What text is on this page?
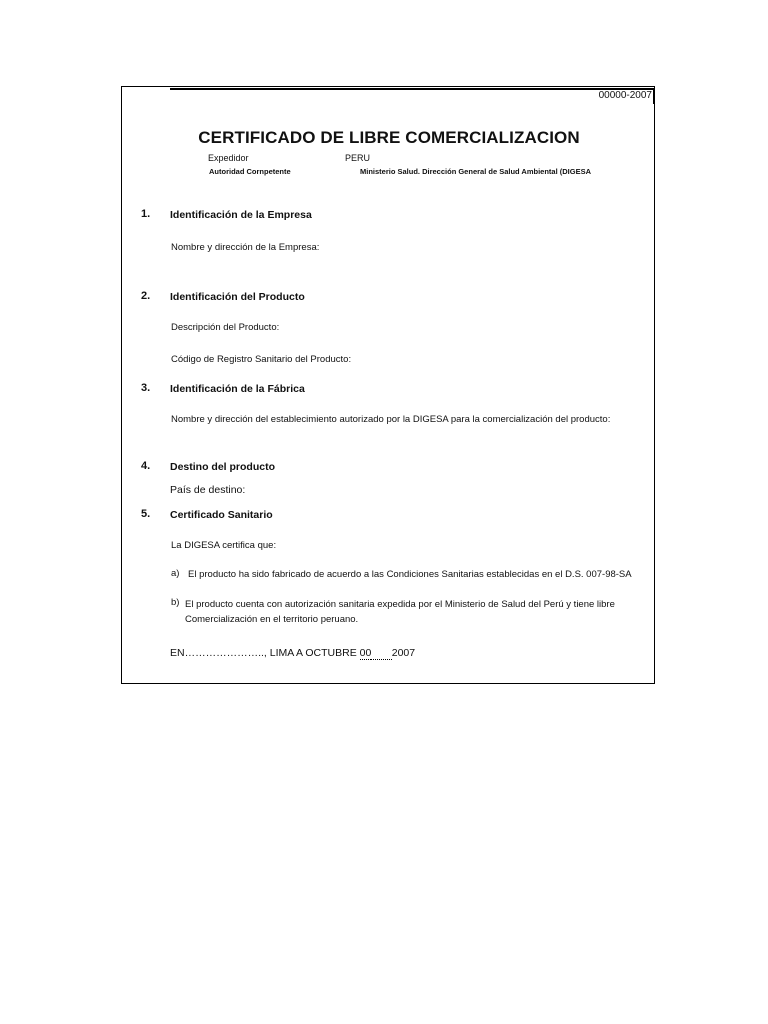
00000-2007
CERTIFICADO DE LIBRE COMERCIALIZACION
Expedidor	PERU
Autoridad Cornpetente	Ministerio Salud. Dirección General de Salud Ambiental (DIGESA
1. Identificación de la Empresa
Nombre y dirección de la Empresa:
2. Identificación del Producto
Descripción del Producto:
Código de Registro Sanitario del Producto:
3. Identificación de la Fábrica
Nombre y dirección del establecimiento autorizado por la DIGESA para la comercialización del producto:
4. Destino del producto
País de destino:
5. Certificado Sanitario
La DIGESA certifica que:
a) El producto ha sido fabricado de acuerdo a las Condiciones Sanitarias establecidas en el D.S. 007-98-SA
b) El producto cuenta con autorización sanitaria expedida por el Ministerio de Salud del Perú y tiene libre Comercialización en el territorio peruano.
EN………………….., LIMA A OCTUBRE 00 2007
